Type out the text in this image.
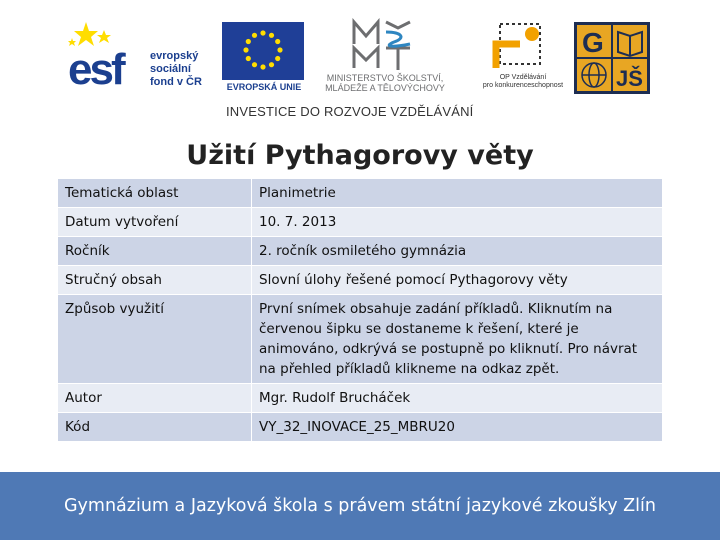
esf evropský
sociální
fond v ČR	EVROPSKÁ UNIE
MINISTERSTVO ŠKOLSTVÍ,
MLÁDEŽE A TĚLOVÝCHOVY
OP Vzdělávání
pro konkurenceschopnost
G
JŠ
INVESTICE DO ROZVOJE VZDĚLÁVÁNÍ
Užití Pythagorovy věty
Tematická oblast	Planimetrie
Datum vytvoření	10. 7. 2013
Ročník	2. ročník osmiletého gymnázia
Stručný obsah	Slovní úlohy řešené pomocí Pythagorovy věty
Způsob využití	První snímek obsahuje zadání příkladů. Kliknutím na červenou šipku se dostaneme k řešení, které je animováno, odkrývá se postupně po kliknutí. Pro návrat na přehled příkladů klikneme na odkaz zpět.
Autor	Mgr. Rudolf Brucháček
Kód	VY_32_INOVACE_25_MBRU20
Gymnázium a Jazyková škola s právem státní jazykové zkoušky Zlín
